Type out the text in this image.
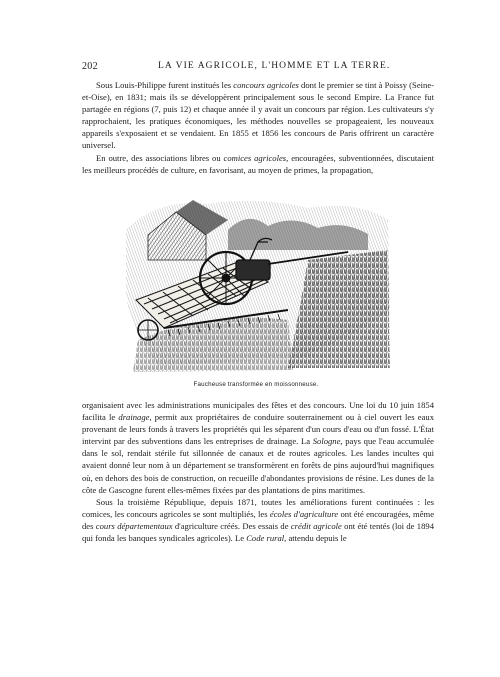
202	LA VIE AGRICOLE, L'HOMME ET LA TERRE.

Sous Louis-Philippe furent institués les concours agricoles dont le premier se tint à Poissy (Seine-et-Oise), en 1831; mais ils se développèrent principalement sous le second Empire. La France fut partagée en régions (7, puis 12) et chaque année il y avait un concours par région. Les cultivateurs s'y rapprochaient, les pratiques économiques, les méthodes nouvelles se propageaient, les nouveaux appareils s'exposaient et se vendaient. En 1855 et 1856 les concours de Paris offrirent un caractère universel.

En outre, des associations libres ou comices agricoles, encouragées, subventionnées, discutaient les meilleurs procédés de culture, en favorisant, au moyen de primes, la propagation,

Faucheuse transformée en moissonneuse.

organisaient avec les administrations municipales des fêtes et des concours. Une loi du 10 juin 1854 facilita le drainage, permit aux propriétaires de conduire souterrainement ou à ciel ouvert les eaux provenant de leurs fonds à travers les propriétés qui les séparent d'un cours d'eau ou d'un fossé. L'État intervint par des subventions dans les entreprises de drainage. La Sologne, pays que l'eau accumulée dans le sol, rendait stérile fut sillonnée de canaux et de routes agricoles. Les landes incultes qui avaient donné leur nom à un département se transformèrent en forêts de pins aujourd'hui magnifiques où, en dehors des bois de construction, on recueille d'abondantes provisions de résine. Les dunes de la côte de Gascogne furent elles-mêmes fixées par des plantations de pins maritimes.

Sous la troisième République, depuis 1871, toutes les améliorations furent continuées : les comices, les concours agricoles se sont multipliés, les écoles d'agriculture ont été encouragées, même des cours départementaux d'agriculture créés. Des essais de crédit agricole ont été tentés (loi de 1894 qui fonda les banques syndicales agricoles). Le Code rural, attendu depuis le
